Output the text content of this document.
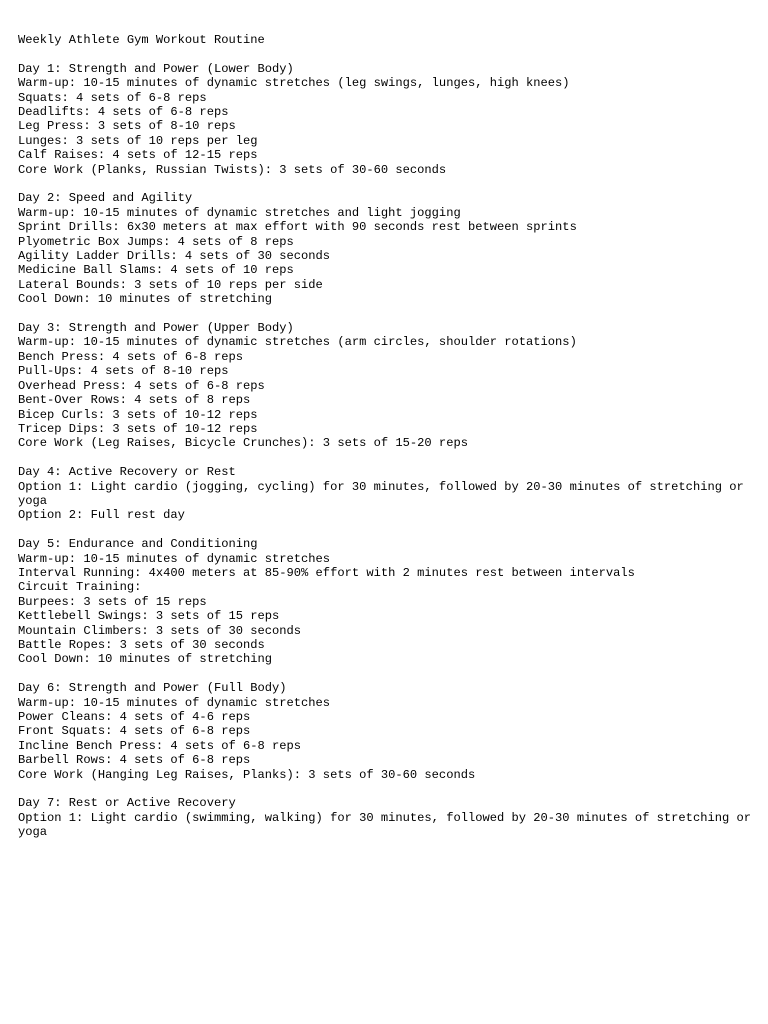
Weekly Athlete Gym Workout Routine
Day 1: Strength and Power (Lower Body)
Warm-up: 10-15 minutes of dynamic stretches (leg swings, lunges, high knees)
Squats: 4 sets of 6-8 reps
Deadlifts: 4 sets of 6-8 reps
Leg Press: 3 sets of 8-10 reps
Lunges: 3 sets of 10 reps per leg
Calf Raises: 4 sets of 12-15 reps
Core Work (Planks, Russian Twists): 3 sets of 30-60 seconds
Day 2: Speed and Agility
Warm-up: 10-15 minutes of dynamic stretches and light jogging
Sprint Drills: 6x30 meters at max effort with 90 seconds rest between sprints
Plyometric Box Jumps: 4 sets of 8 reps
Agility Ladder Drills: 4 sets of 30 seconds
Medicine Ball Slams: 4 sets of 10 reps
Lateral Bounds: 3 sets of 10 reps per side
Cool Down: 10 minutes of stretching
Day 3: Strength and Power (Upper Body)
Warm-up: 10-15 minutes of dynamic stretches (arm circles, shoulder rotations)
Bench Press: 4 sets of 6-8 reps
Pull-Ups: 4 sets of 8-10 reps
Overhead Press: 4 sets of 6-8 reps
Bent-Over Rows: 4 sets of 8 reps
Bicep Curls: 3 sets of 10-12 reps
Tricep Dips: 3 sets of 10-12 reps
Core Work (Leg Raises, Bicycle Crunches): 3 sets of 15-20 reps
Day 4: Active Recovery or Rest
Option 1: Light cardio (jogging, cycling) for 30 minutes, followed by 20-30 minutes of stretching or yoga
Option 2: Full rest day
Day 5: Endurance and Conditioning
Warm-up: 10-15 minutes of dynamic stretches
Interval Running: 4x400 meters at 85-90% effort with 2 minutes rest between intervals
Circuit Training:
Burpees: 3 sets of 15 reps
Kettlebell Swings: 3 sets of 15 reps
Mountain Climbers: 3 sets of 30 seconds
Battle Ropes: 3 sets of 30 seconds
Cool Down: 10 minutes of stretching
Day 6: Strength and Power (Full Body)
Warm-up: 10-15 minutes of dynamic stretches
Power Cleans: 4 sets of 4-6 reps
Front Squats: 4 sets of 6-8 reps
Incline Bench Press: 4 sets of 6-8 reps
Barbell Rows: 4 sets of 6-8 reps
Core Work (Hanging Leg Raises, Planks): 3 sets of 30-60 seconds
Day 7: Rest or Active Recovery
Option 1: Light cardio (swimming, walking) for 30 minutes, followed by 20-30 minutes of stretching or yoga
